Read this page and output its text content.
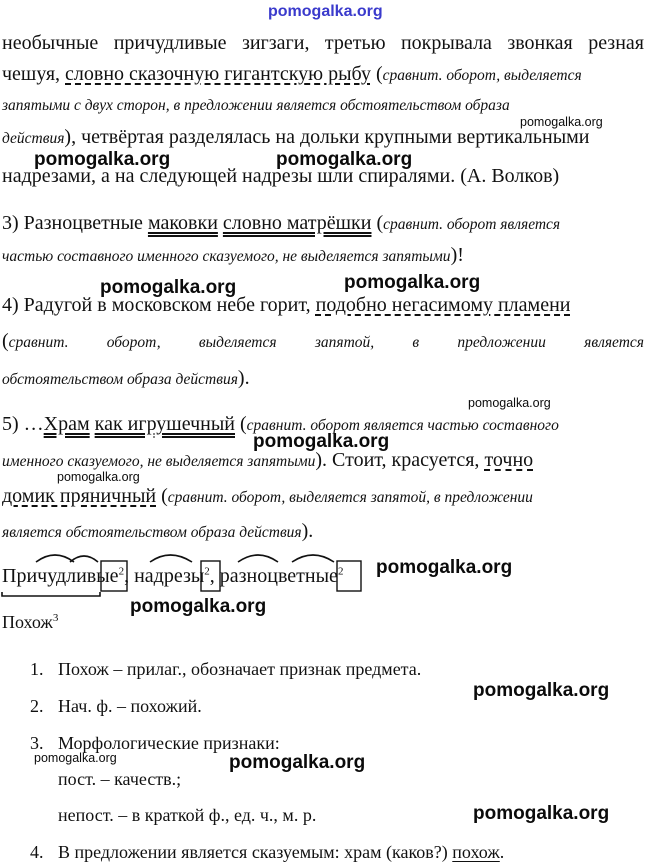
pomogalka.org
необычные причудливые зигзаги, третью покрывала звонкая резная
чешуя, словно сказочную гигантскую рыбу (сравнит. оборот, выделяется
запятыми с двух сторон, в предложении является обстоятельством образа
действия), четвёртая разделялась на дольки крупными вертикальными
надрезами, а на следующей надрезы шли спиралями. (А. Волков)
3) Разноцветные маковки словно матрёшки (сравнит. оборот является
частью составного именного сказуемого, не выделяется запятыми)!
4) Радугой в московском небе горит, подобно негасимому пламени
(сравнит. оборот, выделяется запятой, в предложении является
обстоятельством образа действия).
5) …Храм как игрушечный (сравнит. оборот является частью составного
именного сказуемого, не выделяется запятыми). Стоит, красуется, точно
домик пряничный (сравнит. оборот, выделяется запятой, в предложении
является обстоятельством образа действия).
Причудливые$^2$, надрезы$^2$, разноцветные$^2$
Похож$^3$
1. Похож – прилаг., обозначает признак предмета.
2. Нач. ф. – похожий.
3. Морфологические признаки:
пост. – качеств.;
непост. – в краткой ф., ед. ч., м. р.
4. В предложении является сказуемым: храм (каков?) похож.
pomogalka.org
pomogalka.org	pomogalka.org
pomogalka.org	pomogalka.org
pomogalka.org
pomogalka.org
pomogalka.org
pomogalka.org
pomogalka.org
pomogalka.org
pomogalka.org	pomogalka.org
pomogalka.org
